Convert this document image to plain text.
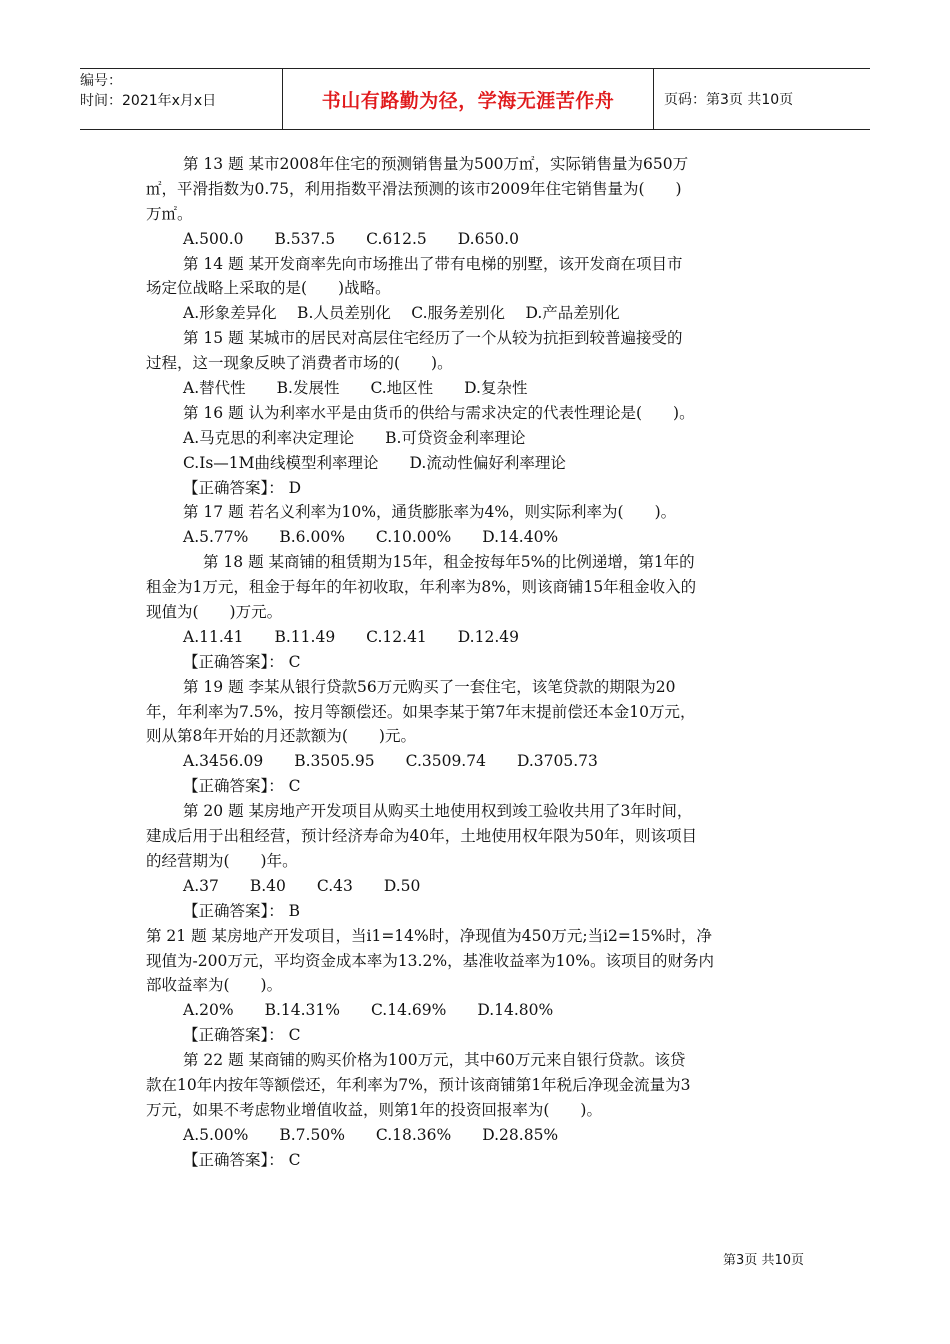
编号：
时间：2021年x月x日	书山有路勤为径，学海无涯苦作舟	页码：第3页 共10页
第 13 题 某市2008年住宅的预测销售量为500万㎡，实际销售量为650万
㎡，平滑指数为0.75，利用指数平滑法预测的该市2009年住宅销售量为(　　)
万㎡。
A.500.0　　B.537.5　　C.612.5　　D.650.0
第 14 题 某开发商率先向市场推出了带有电梯的别墅，该开发商在项目市
场定位战略上采取的是(　　)战略。
A.形象差异化　 B.人员差别化　 C.服务差别化　 D.产品差别化
第 15 题 某城市的居民对高层住宅经历了一个从较为抗拒到较普遍接受的
过程，这一现象反映了消费者市场的(　　)。
A.替代性　　B.发展性　　C.地区性　　D.复杂性
第 16 题 认为利率水平是由货币的供给与需求决定的代表性理论是(　　)。
A.马克思的利率决定理论　　B.可贷资金利率理论
C.Is—1M曲线模型利率理论　　D.流动性偏好利率理论
【正确答案】： D
第 17 题 若名义利率为10%，通货膨胀率为4%，则实际利率为(　　)。
A.5.77%　　B.6.00%　　C.10.00%　　D.14.40%
第 18 题 某商铺的租赁期为15年，租金按每年5%的比例递增，第1年的
租金为1万元，租金于每年的年初收取，年利率为8%，则该商铺15年租金收入的
现值为(　　)万元。
A.11.41　　B.11.49　　C.12.41　　D.12.49
【正确答案】： C
第 19 题 李某从银行贷款56万元购买了一套住宅，该笔贷款的期限为20
年，年利率为7.5%，按月等额偿还。如果李某于第7年末提前偿还本金10万元，
则从第8年开始的月还款额为(　　)元。
A.3456.09　　B.3505.95　　C.3509.74　　D.3705.73
【正确答案】： C
第 20 题 某房地产开发项目从购买土地使用权到竣工验收共用了3年时间，
建成后用于出租经营，预计经济寿命为40年，土地使用权年限为50年，则该项目
的经营期为(　　)年。
A.37　　B.40　　C.43　　D.50
【正确答案】： B
第 21 题 某房地产开发项目，当i1=14%时，净现值为450万元;当i2=15%时，净
现值为-200万元，平均资金成本率为13.2%，基准收益率为10%。该项目的财务内
部收益率为(　　)。
A.20%　　B.14.31%　　C.14.69%　　D.14.80%
【正确答案】： C
第 22 题 某商铺的购买价格为100万元，其中60万元来自银行贷款。该贷
款在10年内按年等额偿还，年利率为7%，预计该商铺第1年税后净现金流量为3
万元，如果不考虑物业增值收益，则第1年的投资回报率为(　　)。
A.5.00%　　B.7.50%　　C.18.36%　　D.28.85%
【正确答案】： C
第3页 共10页
